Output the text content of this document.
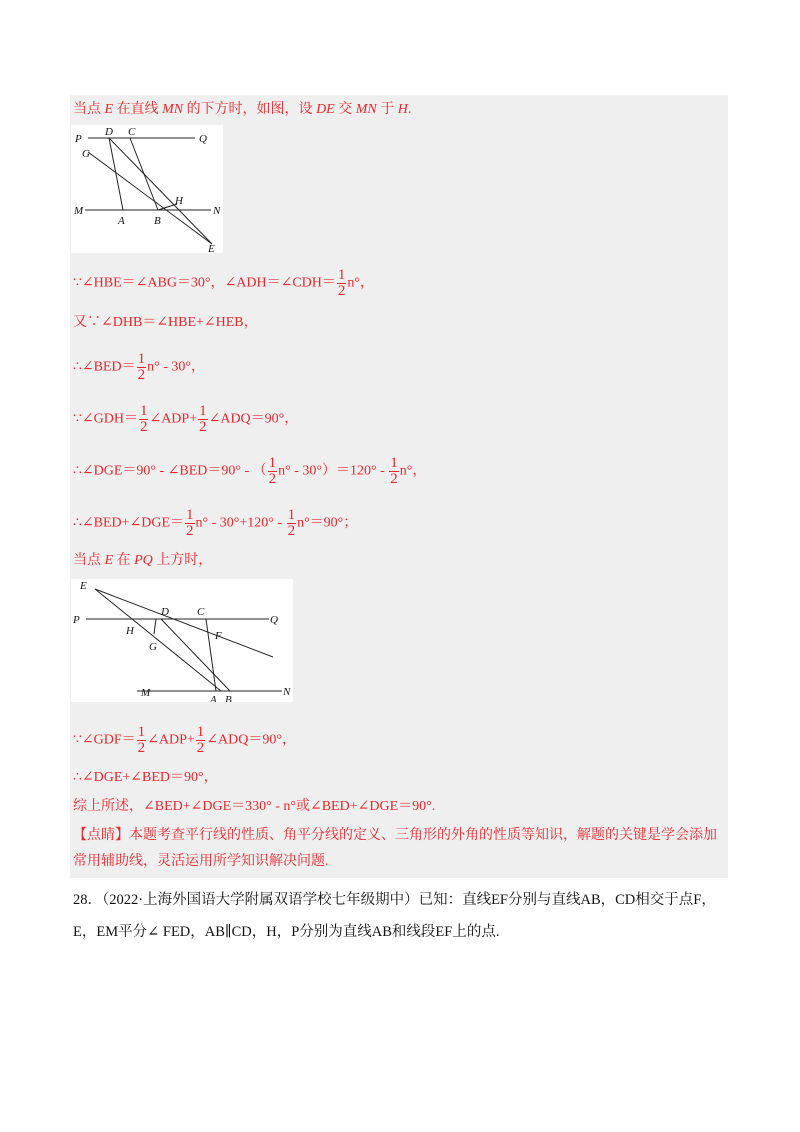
当点 E 在直线 MN 的下方时，如图，设 DE 交 MN 于 H.
P
D C
Q
G
H
M
A	B
N
E
∵∠HBE＝∠ABG＝30°，∠ADH＝∠CDH＝ $\frac{1}{2} n^\circ$，
又∵∠DHB＝∠HBE+∠HEB，
∴∠BED＝ $\frac{1}{2} n^\circ - 30^\circ$，
∵∠GDH＝ $\frac{1}{2}$ ∠ADP+ $\frac{1}{2}$ ∠ADQ＝90°，
∴∠DGE＝90° - ∠BED＝90° - （ $\frac{1}{2} n^\circ - 30^\circ)=120^\circ - \frac{1}{2} n^\circ$，
∴∠BED+∠DGE＝ $\frac{1}{2} n^\circ - 30^\circ+120^\circ - \frac{1}{2} n^\circ=90^\circ$；
当点 E 在 PQ 上方时，
E
P
D	C
Q
H	F
G
M
A B
N
∵∠GDF＝ $\frac{1}{2}$ ∠ADP+ $\frac{1}{2}$ ∠ADQ＝90°，
∴∠DGE+∠BED＝90°，
综上所述，∠BED+∠DGE＝330° - n°或∠BED+∠DGE＝90°.
【点睛】本题考查平行线的性质、角平分线的定义、三角形的外角的性质等知识，解题的关键是学会添加常用辅助线，灵活运用所学知识解决问题.
28．（2022·上海外国语大学附属双语学校七年级期中）已知：直线EF分别与直线AB，CD相交于点F，
E，EM平分∠ FED，AB∥CD，H，P分别为直线AB和线段EF上的点.
